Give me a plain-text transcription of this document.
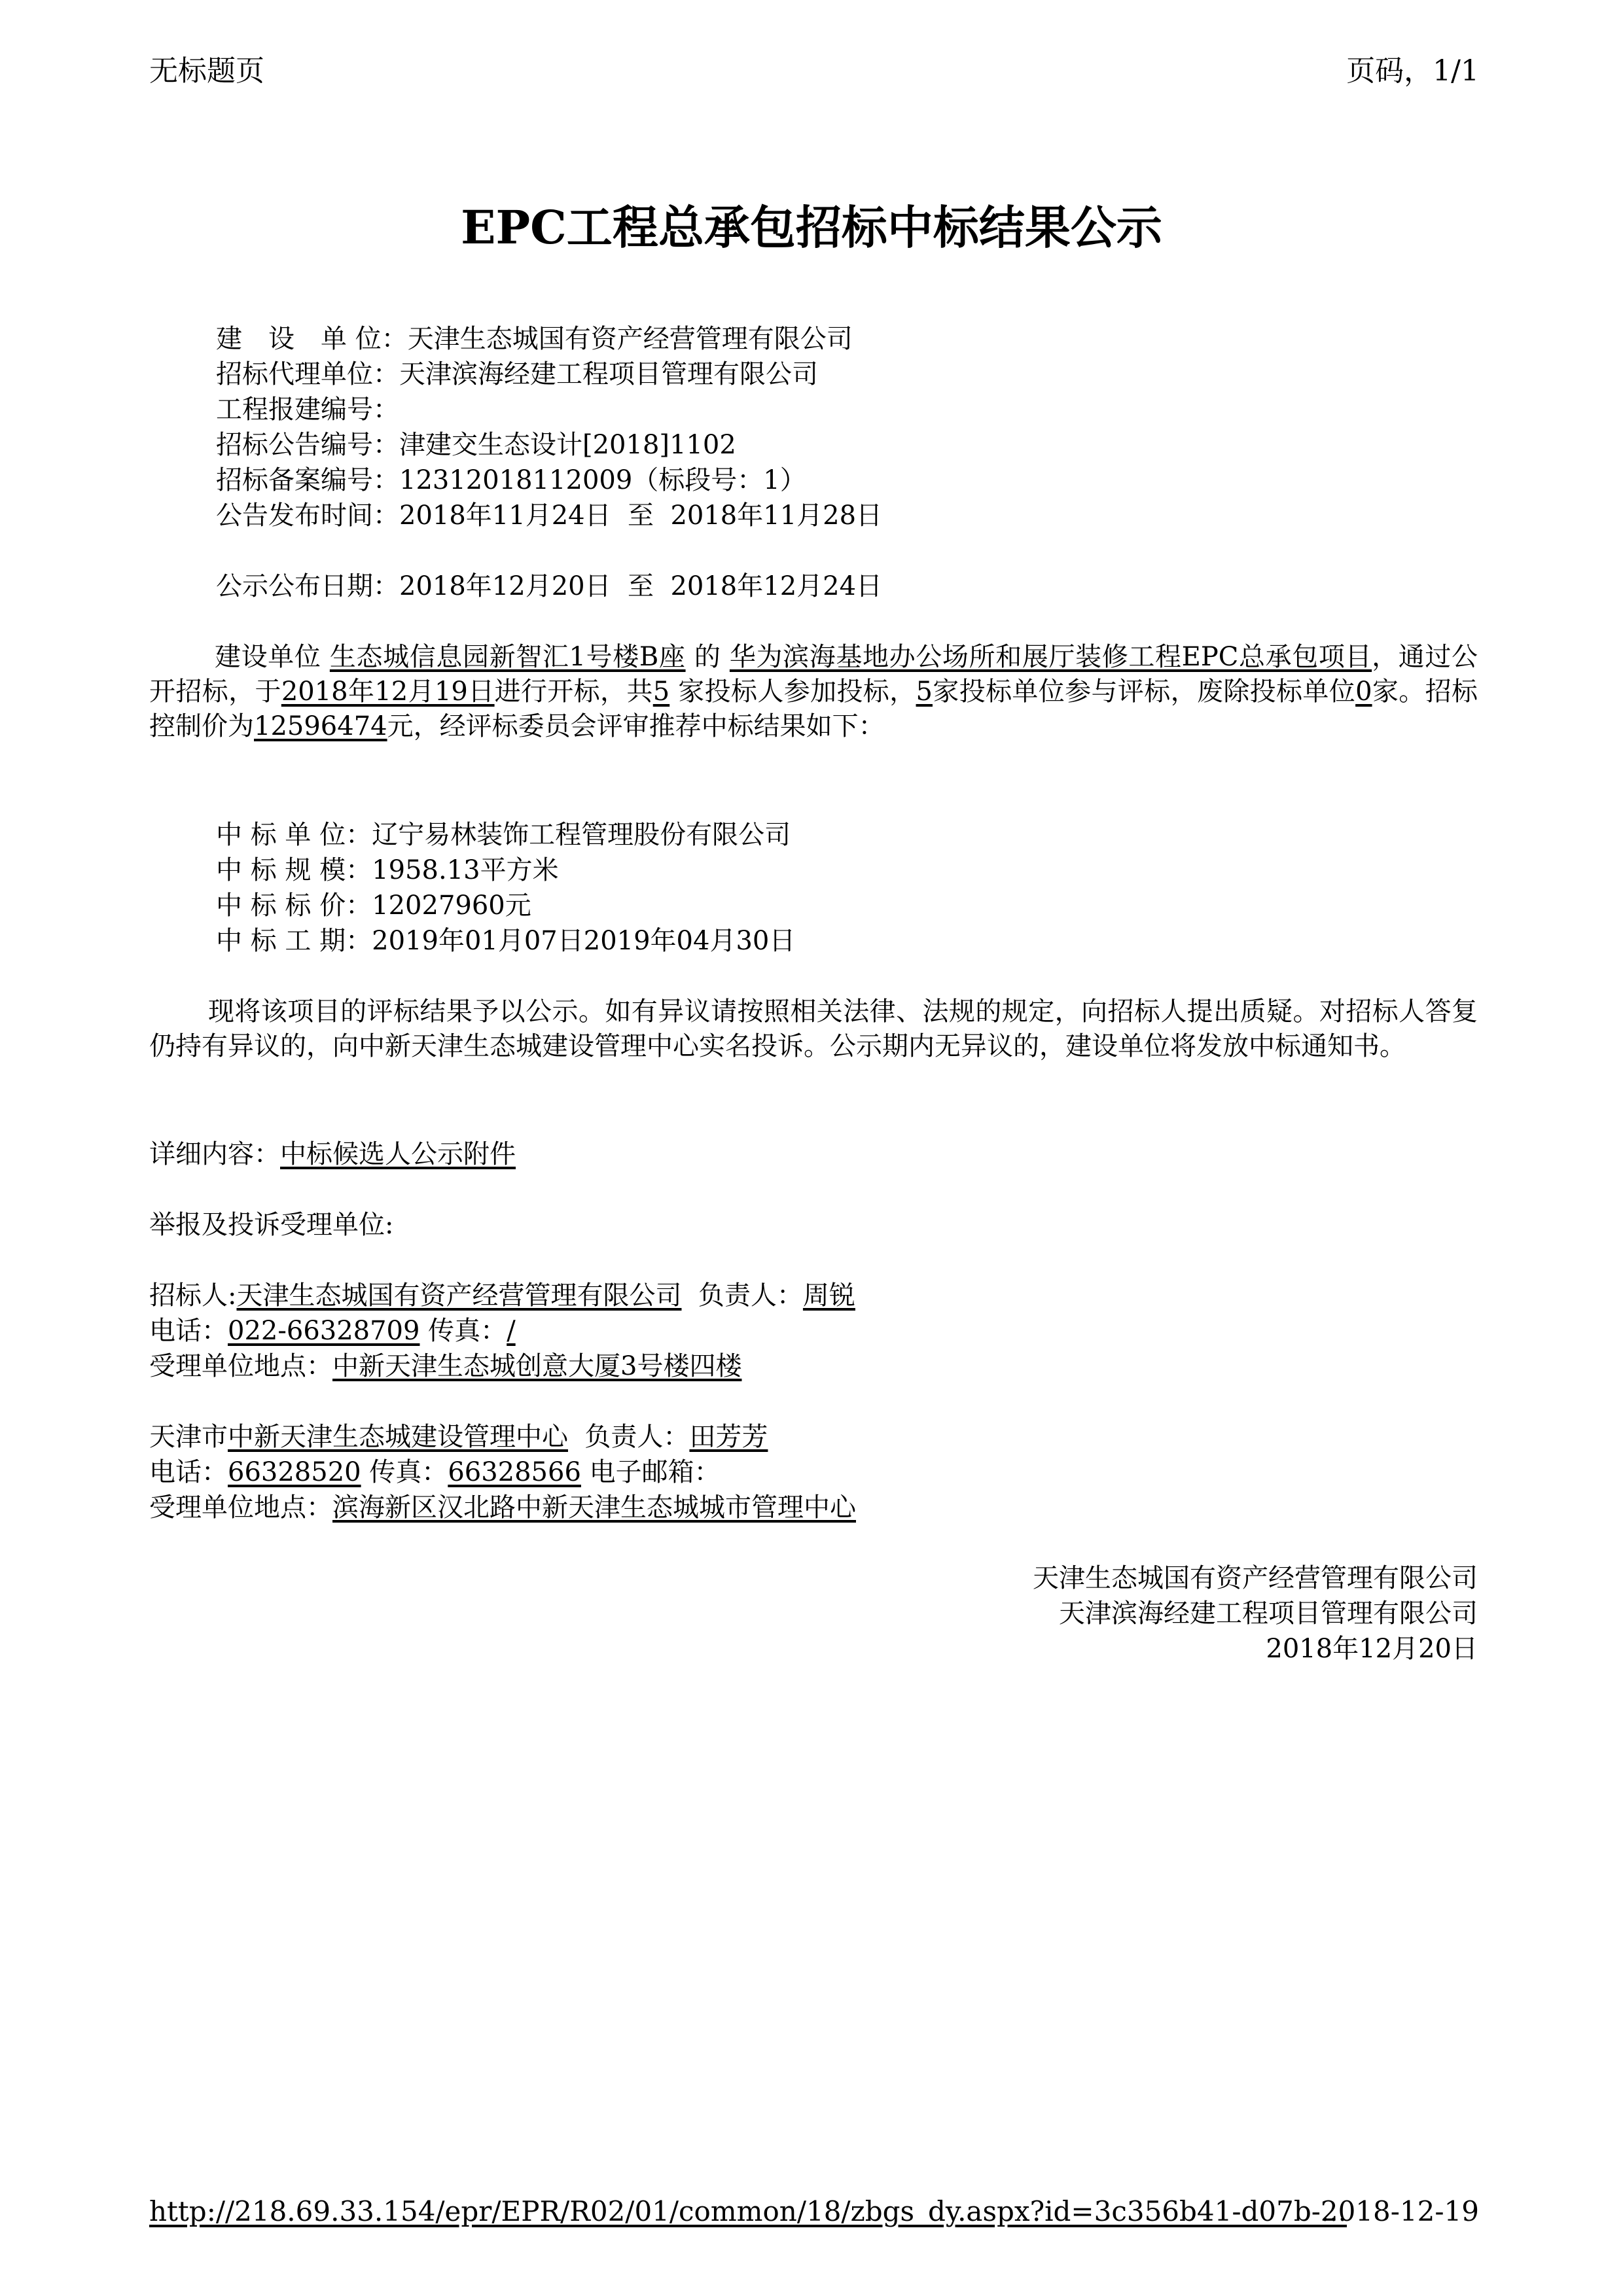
无标题页	页码，1/1
EPC工程总承包招标中标结果公示
建　设　单 位：天津生态城国有资产经营管理有限公司
招标代理单位：天津滨海经建工程项目管理有限公司
工程报建编号：
招标公告编号：津建交生态设计[2018]1102
招标备案编号：12312018112009（标段号：1）
公告发布时间：2018年11月24日  至  2018年11月28日
公示公布日期：2018年12月20日  至  2018年12月24日
建设单位 生态城信息园新智汇1号楼B座 的 华为滨海基地办公场所和展厅装修工程EPC总承包项目，通过公开招标，于2018年12月19日进行开标，共5 家投标人参加投标，5家投标单位参与评标，废除投标单位0家。招标控制价为12596474元，经评标委员会评审推荐中标结果如下：
中 标 单 位：辽宁易林装饰工程管理股份有限公司
中 标 规 模：1958.13平方米
中 标 标 价：12027960元
中 标 工 期：2019年01月07日2019年04月30日
现将该项目的评标结果予以公示。如有异议请按照相关法律、法规的规定，向招标人提出质疑。对招标人答复仍持有异议的，向中新天津生态城建设管理中心实名投诉。公示期内无异议的，建设单位将发放中标通知书。
详细内容：中标候选人公示附件
举报及投诉受理单位:
招标人:天津生态城国有资产经营管理有限公司  负责人：周锐
电话：022-66328709 传真：/
受理单位地点：中新天津生态城创意大厦3号楼四楼
天津市中新天津生态城建设管理中心  负责人：田芳芳
电话：66328520 传真：66328566 电子邮箱：
受理单位地点：滨海新区汉北路中新天津生态城城市管理中心
天津生态城国有资产经营管理有限公司
天津滨海经建工程项目管理有限公司
2018年12月20日
http://218.69.33.154/epr/EPR/R02/01/common/18/zbgs_dy.aspx?id=3c356b41-d07b-...
2018-12-19
